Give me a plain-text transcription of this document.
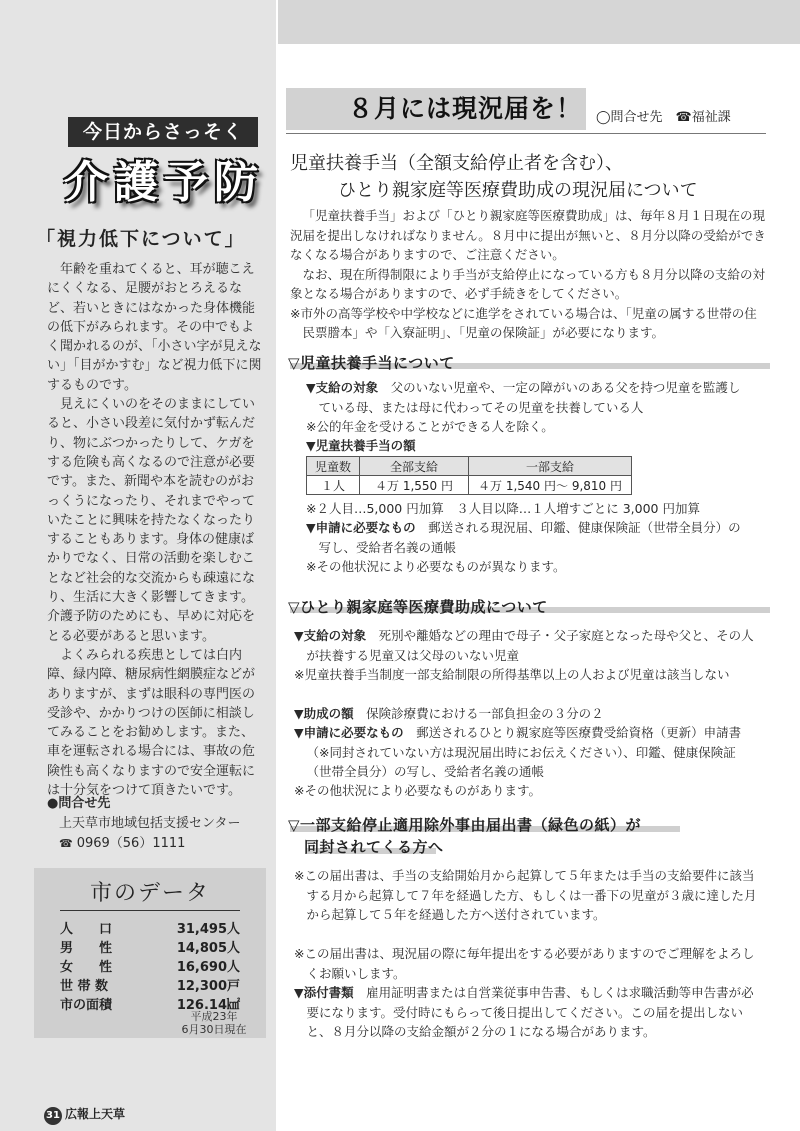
今日からさっそく
介護予防
「視力低下について」

年齢を重ねてくると、耳が聴こえにくくなる、足腰がおとろえるなど、若いときにはなかった身体機能の低下がみられます。その中でもよく聞かれるのが、「小さい字が見えない」「目がかすむ」など視力低下に関するものです。

見えにくいのをそのままにしていると、小さい段差に気付かず転んだり、物にぶつかったりして、ケガをする危険も高くなるので注意が必要です。また、新聞や本を読むのがおっくうになったり、それまでやっていたことに興味を持たなくなったりすることもあります。身体の健康ばかりでなく、日常の活動を楽しむことなど社会的な交流からも疎遠になり、生活に大きく影響してきます。介護予防のためにも、早めに対応をとる必要があると思います。

よくみられる疾患としては白内障、緑内障、糖尿病性網膜症などがありますが、まずは眼科の専門医の受診や、かかりつけの医師に相談してみることをお勧めします。また、車を運転される場合には、事故の危険性も高くなりますので安全運転には十分気をつけて頂きたいです。

●問合せ先
上天草市地域包括支援センター
☎ 0969（56）1111
市のデータ
人　　口	31,495人
男　　性	14,805人
女　　性	16,690人
世 帯 数	12,300戸
市の面積	126.14㎢
平成23年
6月30日現在
31 広報上天草
８月には現況届を！	◯問合せ先　☎福祉課
児童扶養手当（全額支給停止者を含む）、
ひとり親家庭等医療費助成の現況届について

「児童扶養手当」および「ひとり親家庭等医療費助成」は、毎年８月１日現在の現況届を提出しなければなりません。８月中に提出が無いと、８月分以降の受給ができなくなる場合がありますので、ご注意ください。

なお、現在所得制限により手当が支給停止になっている方も８月分以降の支給の対象となる場合がありますので、必ず手続きをしてください。

※市外の高等学校や中学校などに進学をされている場合は、「児童の属する世帯の住民票謄本」や「入寮証明」、「児童の保険証」が必要になります。

▽児童扶養手当について

▼支給の対象　 父のいない児童や、一定の障がいのある父を持つ児童を監護している母、または母に代わってその児童を扶養している人

※公的年金を受けることができる人を除く。
▼児童扶養手当の額
児童数	全部支給	一部支給
１人	４万 1,550 円	４万 1,540 円〜 9,810 円
※２人目…5,000 円加算　３人目以降…１人増すごとに 3,000 円加算

▼申請に必要なもの　 郵送される現況届、印鑑、健康保険証（世帯全員分）の写し、受給者名義の通帳

※その他状況により必要なものが異なります。
▽ひとり親家庭等医療費助成について

▼支給の対象　 死別や離婚などの理由で母子・父子家庭となった母や父と、その人が扶養する児童又は父母のいない児童

※児童扶養手当制度一部支給制限の所得基準以上の人および児童は該当しない

▼助成の額　 保険診療費における一部負担金の３分の２

▼申請に必要なもの　 郵送されるひとり親家庭等医療費受給資格（更新）申請書（※同封されていない方は現況届出時にお伝えください）、印鑑、健康保険証（世帯全員分）の写し、受給者名義の通帳

※その他状況により必要なものがあります。
▽一部支給停止適用除外事由届出書（緑色の紙）が
同封されてくる方へ

※この届出書は、手当の支給開始月から起算して５年または手当の支給要件に該当する月から起算して７年を経過した方、もしくは一番下の児童が３歳に達した月から起算して５年を経過した方へ送付されています。

※この届出書は、現況届の際に毎年提出をする必要がありますのでご理解をよろしくお願いします。

▼添付書類　 雇用証明書または自営業従事申告書、もしくは求職活動等申告書が必要になります。受付時にもらって後日提出してください。この届を提出しないと、８月分以降の支給金額が２分の１になる場合があります。
